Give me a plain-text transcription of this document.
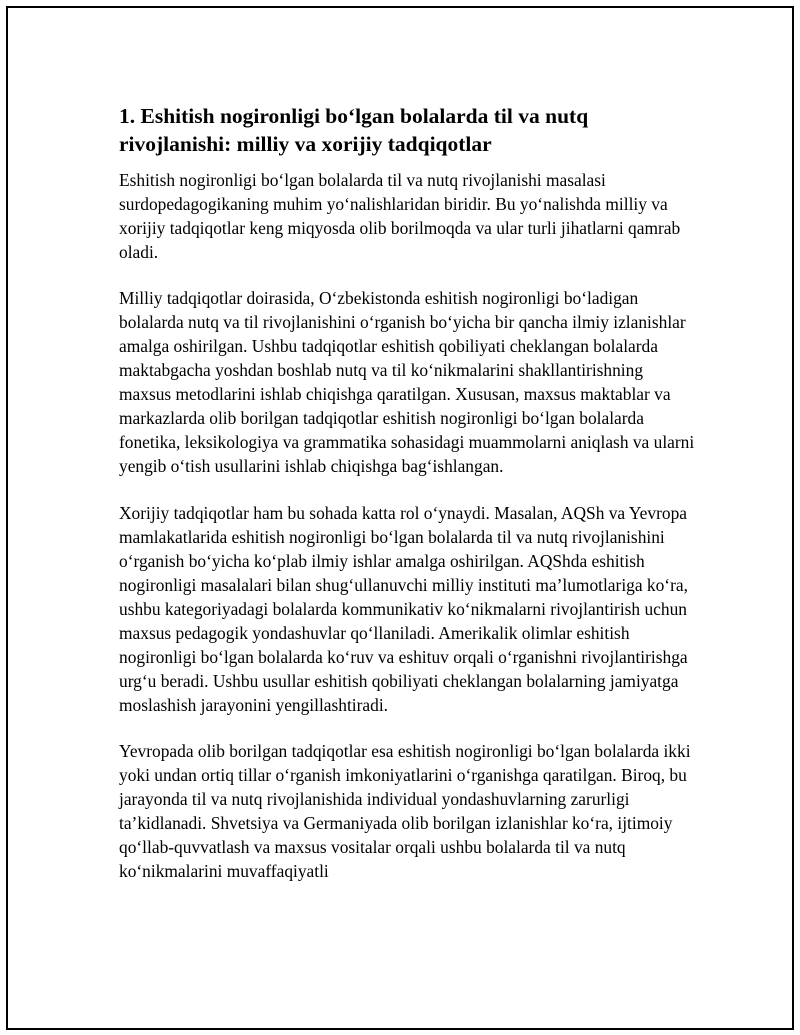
1. Eshitish nogironligi bo‘lgan bolalarda til va nutq rivojlanishi: milliy va xorijiy tadqiqotlar

Eshitish nogironligi bo‘lgan bolalarda til va nutq rivojlanishi masalasi surdopedagogikaning muhim yo‘nalishlaridan biridir. Bu yo‘nalishda milliy va xorijiy tadqiqotlar keng miqyosda olib borilmoqda va ular turli jihatlarni qamrab oladi.

Milliy tadqiqotlar doirasida, O‘zbekistonda eshitish nogironligi bo‘ladigan bolalarda nutq va til rivojlanishini o‘rganish bo‘yicha bir qancha ilmiy izlanishlar amalga oshirilgan. Ushbu tadqiqotlar eshitish qobiliyati cheklangan bolalarda maktabgacha yoshdan boshlab nutq va til ko‘nikmalarini shakllantirishning maxsus metodlarini ishlab chiqishga qaratilgan. Xususan, maxsus maktablar va markazlarda olib borilgan tadqiqotlar eshitish nogironligi bo‘lgan bolalarda fonetika, leksikologiya va grammatika sohasidagi muammolarni aniqlash va ularni yengib o‘tish usullarini ishlab chiqishga bag‘ishlangan.

Xorijiy tadqiqotlar ham bu sohada katta rol o‘ynaydi. Masalan, AQSh va Yevropa mamlakatlarida eshitish nogironligi bo‘lgan bolalarda til va nutq rivojlanishini o‘rganish bo‘yicha ko‘plab ilmiy ishlar amalga oshirilgan. AQShda eshitish nogironligi masalalari bilan shug‘ullanuvchi milliy instituti ma’lumotlariga ko‘ra, ushbu kategoriyadagi bolalarda kommunikativ ko‘nikmalarni rivojlantirish uchun maxsus pedagogik yondashuvlar qo‘llaniladi. Amerikalik olimlar eshitish nogironligi bo‘lgan bolalarda ko‘ruv va eshituv orqali o‘rganishni rivojlantirishga urg‘u beradi. Ushbu usullar eshitish qobiliyati cheklangan bolalarning jamiyatga moslashish jarayonini yengillashtiradi.

Yevropada olib borilgan tadqiqotlar esa eshitish nogironligi bo‘lgan bolalarda ikki yoki undan ortiq tillar o‘rganish imkoniyatlarini o‘rganishga qaratilgan. Biroq, bu jarayonda til va nutq rivojlanishida individual yondashuvlarning zarurligi ta’kidlanadi. Shvetsiya va Germaniyada olib borilgan izlanishlar ko‘ra, ijtimoiy qo‘llab-quvvatlash va maxsus vositalar orqali ushbu bolalarda til va nutq ko‘nikmalarini muvaffaqiyatli
